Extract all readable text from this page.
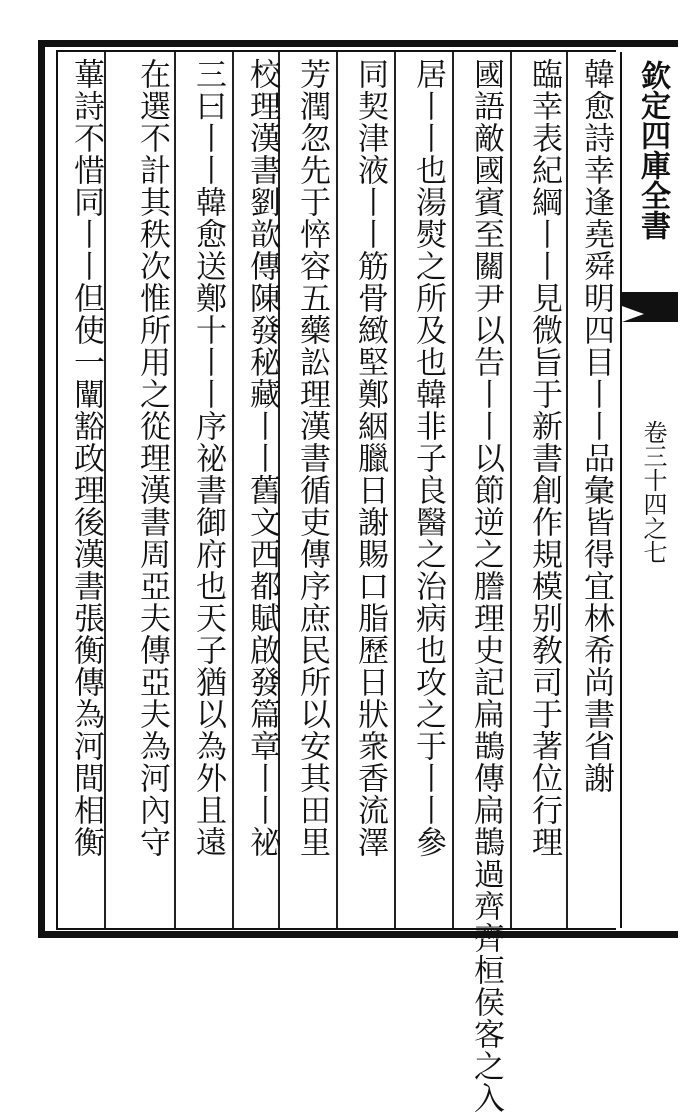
欽定四庫全書
卷三十四之七
韓愈詩幸逢堯舜明四目丨丨品彙皆得宜林希尚書省謝
臨幸表紀綱丨丨見微旨于新書創作規模别敎司于著位行理
國語敵國賓至關尹以告丨丨以節逆之謄理史記扁鵲傳扁鵲過齊齊桓侯客之入
居丨丨也湯熨之所及也韓非子良醫之治病也攻之于丨丨參
同契津液丨丨筋骨緻堅鄭絪臘日謝賜口脂歷日狀衆香流澤
芳潤忽先于悴容五藥訟理漢書循吏傳序庶民所以安其田里
校理漢書劉歆傳陳發秘藏丨丨舊文西都賦啟發篇章丨丨祕
三曰丨丨韓愈送鄭十丨丨序祕書御府也天子猶以為外且遠
在選不計其秩次惟所用之從理漢書周亞夫傳亞夫為河內守
蓽詩不惜同丨丨但使一闡豁政理後漢書張衡傳為河間相衡
